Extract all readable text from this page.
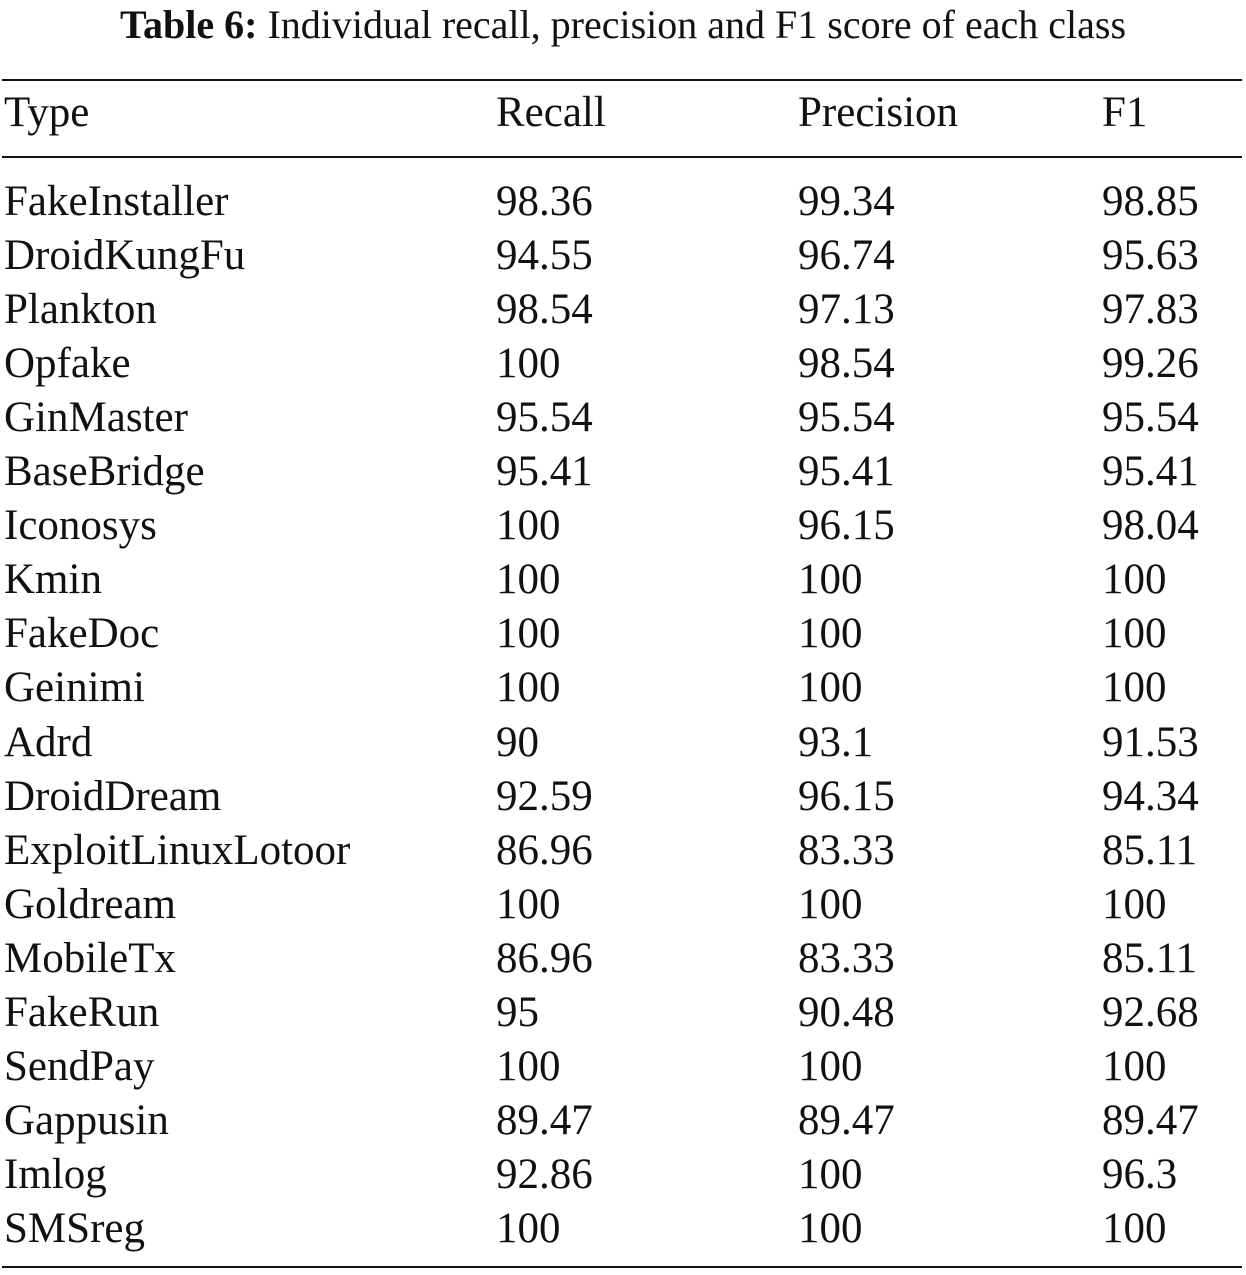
Table 6: Individual recall, precision and F1 score of each class
Type	Recall	Precision	F1
FakeInstaller	98.36	99.34	98.85
DroidKungFu	94.55	96.74	95.63
Plankton	98.54	97.13	97.83
Opfake	100	98.54	99.26
GinMaster	95.54	95.54	95.54
BaseBridge	95.41	95.41	95.41
Iconosys	100	96.15	98.04
Kmin	100	100	100
FakeDoc	100	100	100
Geinimi	100	100	100
Adrd	90	93.1	91.53
DroidDream	92.59	96.15	94.34
ExploitLinuxLotoor	86.96	83.33	85.11
Goldream	100	100	100
MobileTx	86.96	83.33	85.11
FakeRun	95	90.48	92.68
SendPay	100	100	100
Gappusin	89.47	89.47	89.47
Imlog	92.86	100	96.3
SMSreg	100	100	100
